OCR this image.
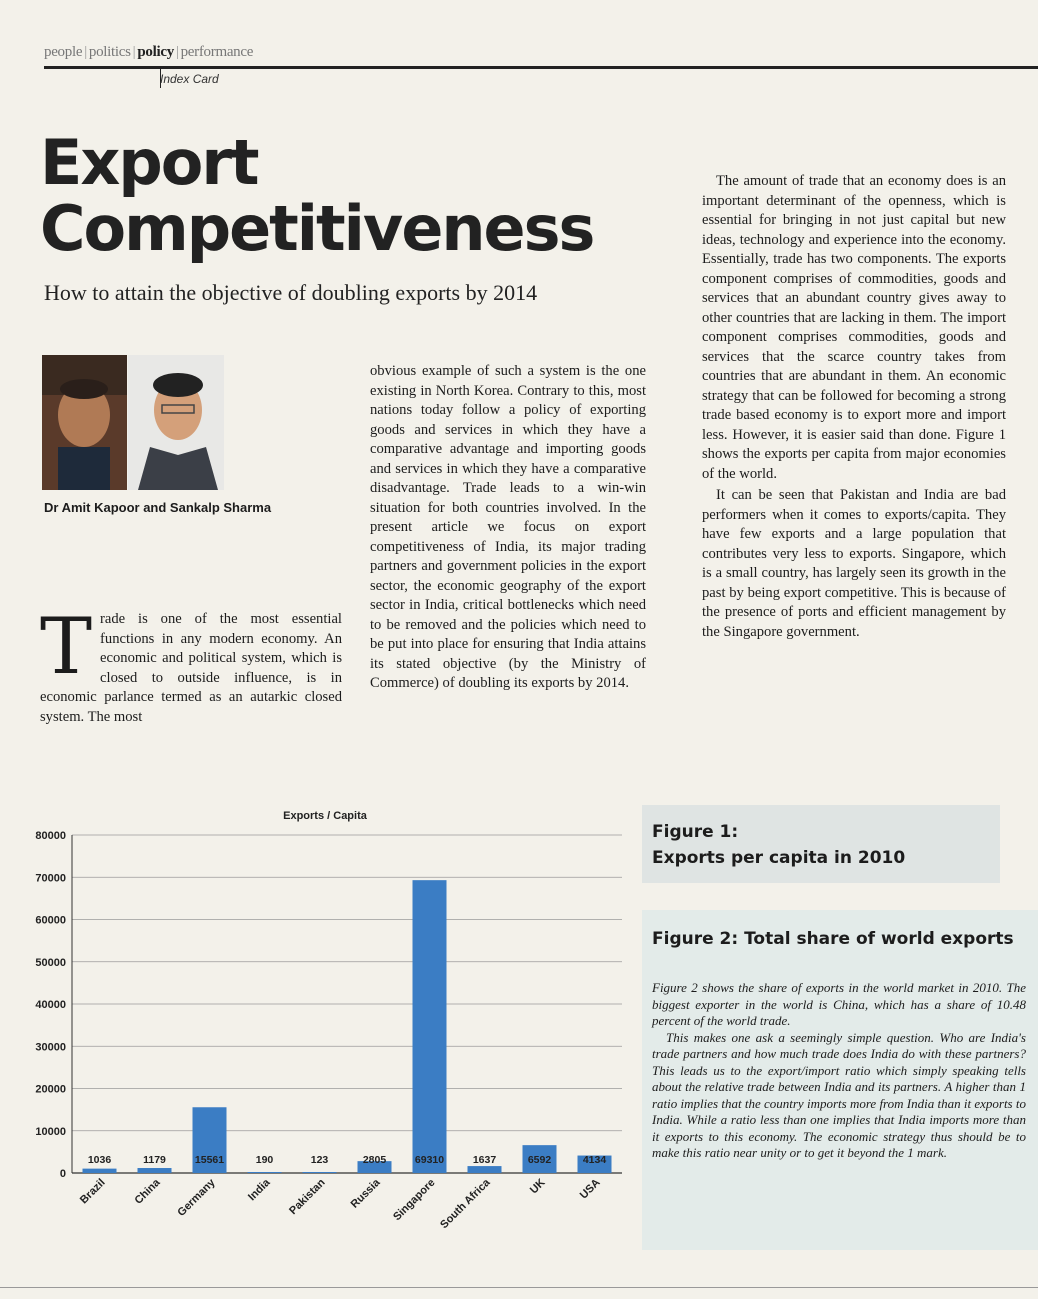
people | politics | policy | performance
Index Card
Export
Competitiveness
How to attain the objective of doubling exports by 2014
Dr Amit Kapoor and Sankalp Sharma

Trade is one of the most essential functions in any modern economy. An economic and political system, which is closed to outside influence, is in economic parlance termed as an autarkic closed system. The most

obvious example of such a system is the one existing in North Korea. Contrary to this, most nations today follow a policy of exporting goods and services in which they have a comparative advantage and importing goods and services in which they have a comparative disadvantage. Trade leads to a win-win situation for both countries involved. In the present article we focus on export competitiveness of India, its major trading partners and government policies in the export sector, the economic geography of the export sector in India, critical bottlenecks which need to be removed and the policies which need to be put into place for ensuring that India attains its stated objective (by the Ministry of Commerce) of doubling its exports by 2014.

The amount of trade that an economy does is an important determinant of the openness, which is essential for bringing in not just capital but new ideas, technology and experience into the economy. Essentially, trade has two components. The exports component comprises of commodities, goods and services that an abundant country gives away to other countries that are lacking in them. The import component comprises commodities, goods and services that the scarce country takes from countries that are abundant in them. An economic strategy that can be followed for becoming a strong trade based economy is to export more and import less. However, it is easier said than done. Figure 1 shows the exports per capita from major economies of the world.

It can be seen that Pakistan and India are bad performers when it comes to exports/capita. They have few exports and a large population that contributes very less to exports. Singapore, which is a small country, has largely seen its growth in the past by being export competitive. This is because of the presence of ports and efficient management by the Singapore government.

Figure 1:
Exports per capita in 2010
Figure 2: Total share of world exports

Figure 2 shows the share of exports in the world market in 2010. The biggest exporter in the world is China, which has a share of 10.48 percent of the world trade.

This makes one ask a seemingly simple question. Who are India's trade partners and how much trade does India do with these partners? This leads us to the export/import ratio which simply speaking tells about the relative trade between India and its partners. A higher than 1 ratio implies that the country imports more from India than it exports to India. While a ratio less than one implies that India imports more than it exports to this economy. The economic strategy thus should be to make this ratio near unity or to get it beyond the 1 mark.

Exports / Capita
0
10000
20000
30000
40000
50000
60000
70000
80000
1036	1179	15561	190	123	2805	69310	1637	6592	4134
Brazil China Germany	India Pakistan Russia Singapore South Africa	UK	USA
